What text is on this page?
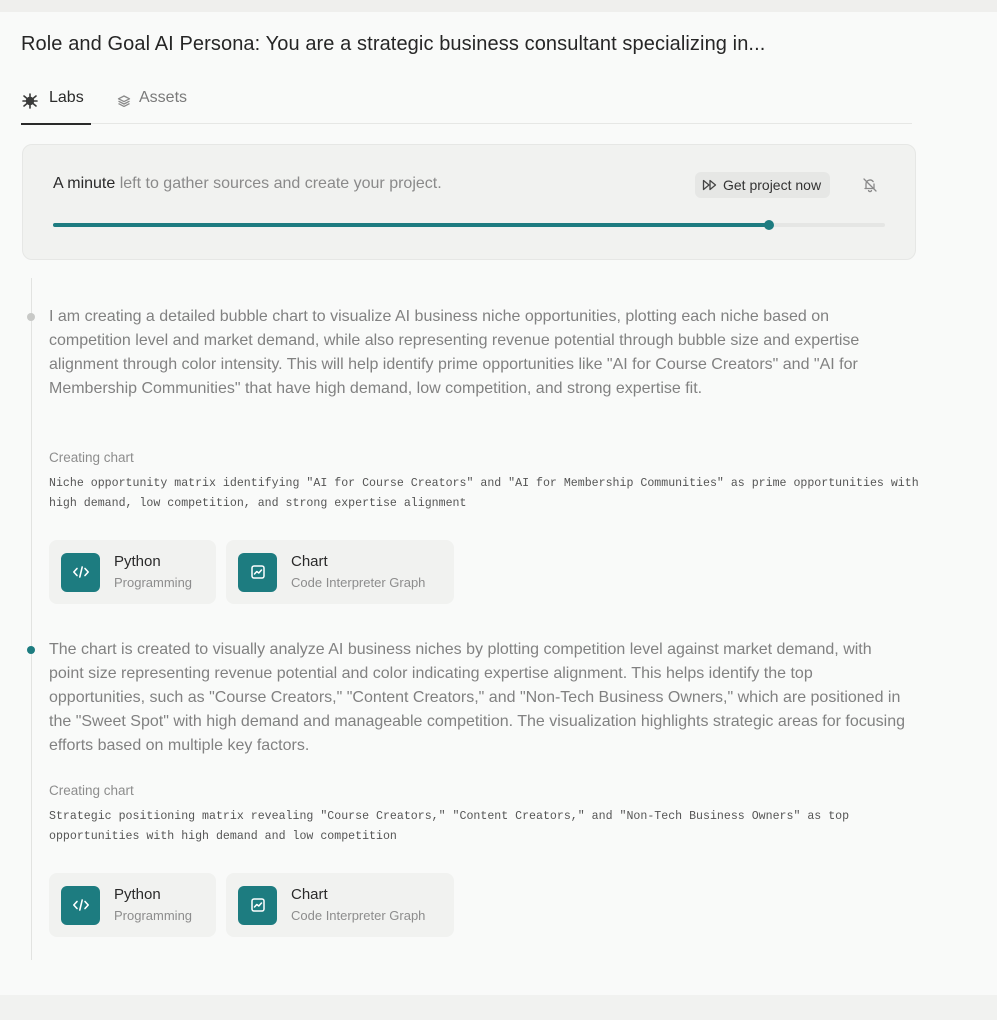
Role and Goal AI Persona: You are a strategic business consultant specializing in...
Labs	Assets
A minute left to gather sources and create your project.	Get project now
I am creating a detailed bubble chart to visualize AI business niche opportunities, plotting each niche based on competition level and market demand, while also representing revenue potential through bubble size and expertise alignment through color intensity. This will help identify prime opportunities like "AI for Course Creators" and "AI for Membership Communities" that have high demand, low competition, and strong expertise fit.
Creating chart
Niche opportunity matrix identifying "AI for Course Creators" and "AI for Membership Communities" as prime opportunities with high demand, low competition, and strong expertise alignment
Python
Programming
Chart
Code Interpreter Graph
The chart is created to visually analyze AI business niches by plotting competition level against market demand, with point size representing revenue potential and color indicating expertise alignment. This helps identify the top opportunities, such as "Course Creators," "Content Creators," and "Non-Tech Business Owners," which are positioned in the "Sweet Spot" with high demand and manageable competition. The visualization highlights strategic areas for focusing efforts based on multiple key factors.
Creating chart
Strategic positioning matrix revealing "Course Creators," "Content Creators," and "Non-Tech Business Owners" as top opportunities with high demand and low competition
Python
Programming
Chart
Code Interpreter Graph
